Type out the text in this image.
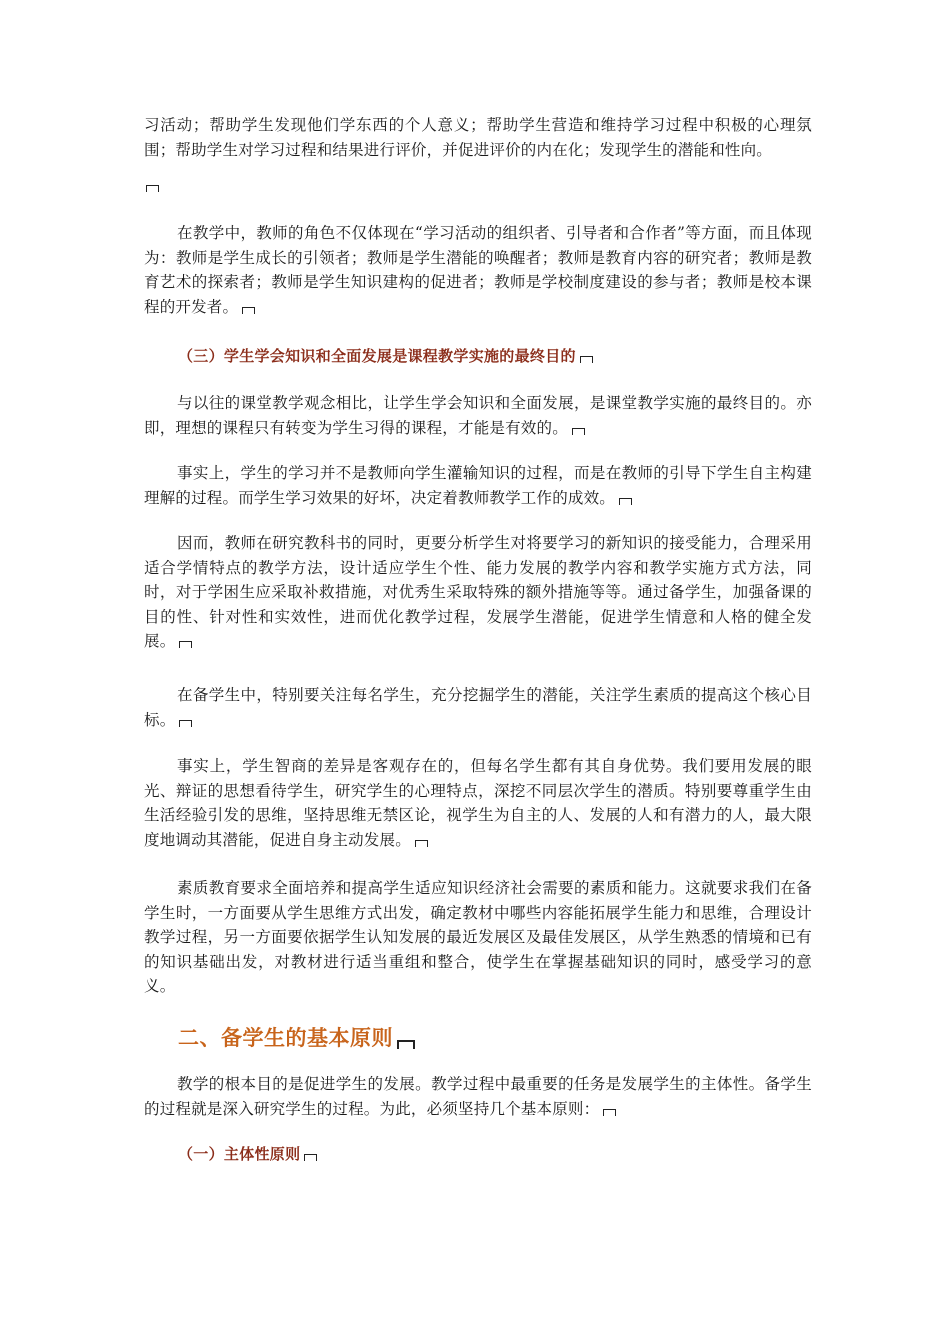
习活动；帮助学生发现他们学东西的个人意义；帮助学生营造和维持学习过程中积极的心理氛围；帮助学生对学习过程和结果进行评价，并促进评价的内在化；发现学生的潜能和性向。

在教学中，教师的角色不仅体现在“学习活动的组织者、引导者和合作者”等方面，而且体现为：教师是学生成长的引领者；教师是学生潜能的唤醒者；教师是教育内容的研究者；教师是教育艺术的探索者；教师是学生知识建构的促进者；教师是学校制度建设的参与者；教师是校本课程的开发者。

（三）学生学会知识和全面发展是课程教学实施的最终目的

与以往的课堂教学观念相比，让学生学会知识和全面发展，是课堂教学实施的最终目的。亦即，理想的课程只有转变为学生习得的课程，才能是有效的。

事实上，学生的学习并不是教师向学生灌输知识的过程，而是在教师的引导下学生自主构建理解的过程。而学生学习效果的好坏，决定着教师教学工作的成效。

因而，教师在研究教科书的同时，更要分析学生对将要学习的新知识的接受能力，合理采用适合学情特点的教学方法，设计适应学生个性、能力发展的教学内容和教学实施方式方法，同时，对于学困生应采取补救措施，对优秀生采取特殊的额外措施等等。通过备学生，加强备课的目的性、针对性和实效性，进而优化教学过程，发展学生潜能，促进学生情意和人格的健全发展。

在备学生中，特别要关注每名学生，充分挖掘学生的潜能，关注学生素质的提高这个核心目标。

事实上，学生智商的差异是客观存在的，但每名学生都有其自身优势。我们要用发展的眼光、辩证的思想看待学生，研究学生的心理特点，深挖不同层次学生的潜质。特别要尊重学生由生活经验引发的思维，坚持思维无禁区论，视学生为自主的人、发展的人和有潜力的人，最大限度地调动其潜能，促进自身主动发展。

素质教育要求全面培养和提高学生适应知识经济社会需要的素质和能力。这就要求我们在备学生时，一方面要从学生思维方式出发，确定教材中哪些内容能拓展学生能力和思维，合理设计教学过程，另一方面要依据学生认知发展的最近发展区及最佳发展区，从学生熟悉的情境和已有的知识基础出发，对教材进行适当重组和整合，使学生在掌握基础知识的同时，感受学习的意义。

二、备学生的基本原则

教学的根本目的是促进学生的发展。教学过程中最重要的任务是发展学生的主体性。备学生的过程就是深入研究学生的过程。为此，必须坚持几个基本原则：

（一）主体性原则
